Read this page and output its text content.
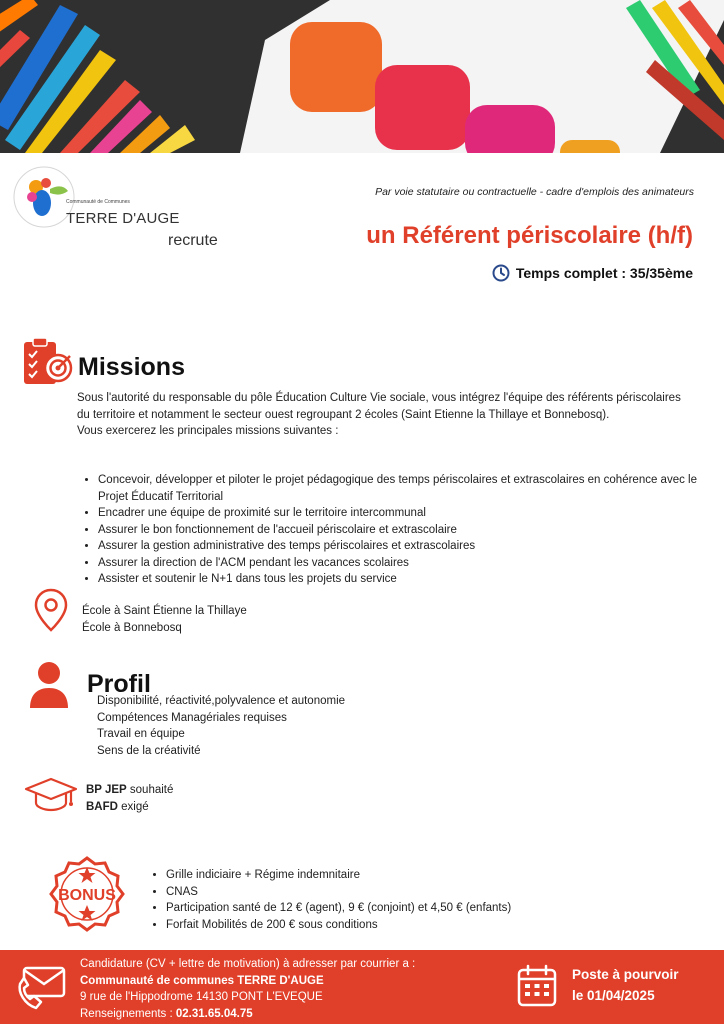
Communauté de Communes
TERRE D'AUGE
recrute
Par voie statutaire ou contractuelle - cadre d'emplois des animateurs
un Référent périscolaire (h/f)
Temps complet : 35/35ème
Missions

Sous l'autorité du responsable du pôle Éducation Culture Vie sociale, vous intégrez l'équipe des référents périscolaires du territoire et notamment le secteur ouest regroupant 2 écoles (Saint Etienne la Thillaye et Bonnebosq).

Vous exercerez les principales missions suivantes :

• Concevoir, développer et piloter le projet pédagogique des temps périscolaires et extrascolaires en cohérence avec le Projet Éducatif Territorial
• Encadrer une équipe de proximité sur le territoire intercommunal
• Assurer le bon fonctionnement de l'accueil périscolaire et extrascolaire
• Assurer la gestion administrative des temps périscolaires et extrascolaires
• Assurer la direction de l'ACM pendant les vacances scolaires
• Assister et soutenir le N+1 dans tous les projets du service
École à Saint Étienne la Thillaye
École à Bonnebosq
Profil
Disponibilité, réactivité,polyvalence et autonomie
Compétences Managériales requises
Travail en équipe
Sens de la créativité
BP JEP souhaité
BAFD exigé
BONUS
• Grille indiciaire + Régime indemnitaire
• CNAS
• Participation santé de 12 € (agent), 9 € (conjoint) et 4,50 € (enfants)
• Forfait Mobilités de 200 € sous conditions
Candidature (CV + lettre de motivation) à adresser par courrier a :
Communauté de communes TERRE D'AUGE
9 rue de l'Hippodrome 14130 PONT L'EVEQUE
Renseignements : 02.31.65.04.75
Poste à pourvoir
le 01/04/2025
